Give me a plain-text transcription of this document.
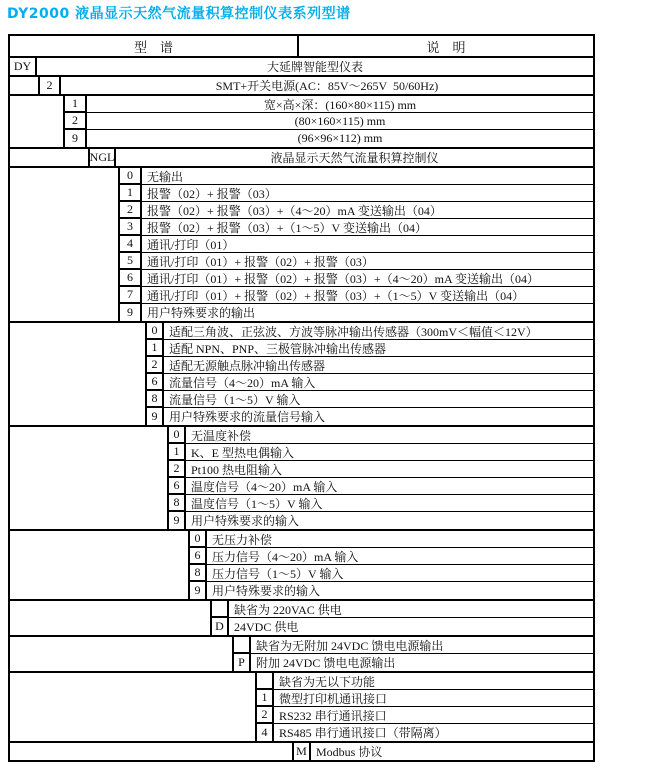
DY2000 液晶显示天然气流量积算控制仪表系列型谱
型　谱	说　明
DY	大延牌智能型仪表
2	SMT+开关电源(AC：85V～265V  50/60Hz)
1	宽×高×深：(160×80×115) mm
2	(80×160×115) mm
9	(96×96×112) mm
NGL	液晶显示天然气流量积算控制仪
0	无输出
1	报警（02）+ 报警（03）
2	报警（02）+ 报警（03）+（4～20）mA 变送输出（04）
3	报警（02）+ 报警（03）+（1～5）V 变送输出（04）
4	通讯/打印（01）
5	通讯/打印（01）+ 报警（02）+ 报警（03）
6	通讯/打印（01）+ 报警（02）+ 报警（03）+（4～20）mA 变送输出（04）
7	通讯/打印（01）+ 报警（02）+ 报警（03）+（1～5）V 变送输出（04）
9	用户特殊要求的输出
0 适配三角波、正弦波、方波等脉冲输出传感器（300mV＜幅值＜12V）
1 适配 NPN、PNP、三极管脉冲输出传感器
2 适配无源触点脉冲输出传感器
6 流量信号（4～20）mA 输入
8 流量信号（1～5）V 输入
9 用户特殊要求的流量信号输入
0 无温度补偿
1 K、E 型热电偶输入
2 Pt100 热电阻输入
6 温度信号（4～20）mA 输入
8 温度信号（1～5）V 输入
9 用户特殊要求的输入
0 无压力补偿
6 压力信号（4～20）mA 输入
8 压力信号（1～5）V 输入
9 用户特殊要求的输入
缺省为 220VAC 供电
D 24VDC 供电
缺省为无附加 24VDC 馈电电源输出
P 附加 24VDC 馈电电源输出
缺省为无以下功能
1 微型打印机通讯接口
2 RS232 串行通讯接口
4 RS485 串行通讯接口（带隔离）
M Modbus 协议
